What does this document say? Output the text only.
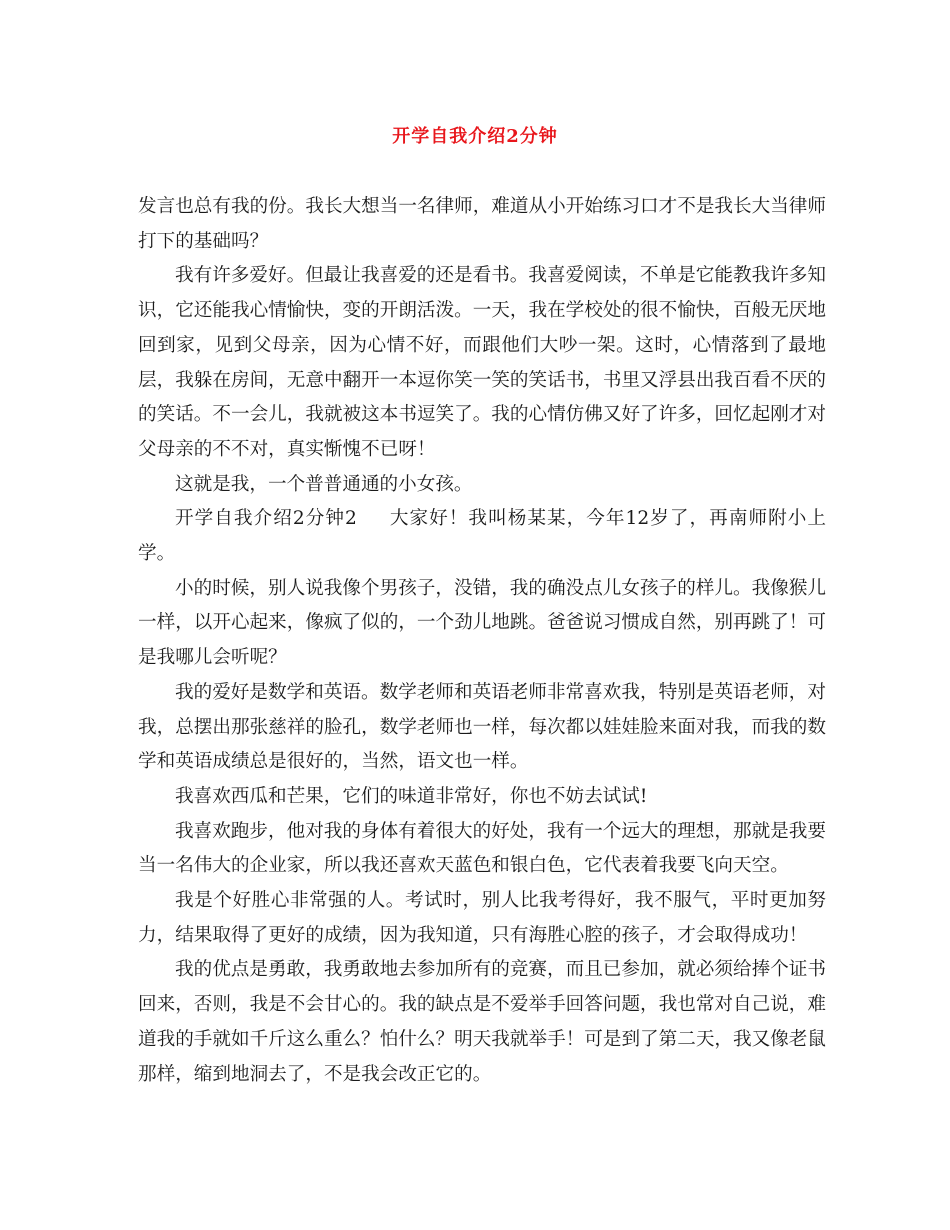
开学自我介绍2分钟

发言也总有我的份。我长大想当一名律师，难道从小开始练习口才不是我长大当律师打下的基础吗？

我有许多爱好。但最让我喜爱的还是看书。我喜爱阅读，不单是它能教我许多知识，它还能我心情愉快，变的开朗活泼。一天，我在学校处的很不愉快，百般无厌地回到家，见到父母亲，因为心情不好，而跟他们大吵一架。这时，心情落到了最地层，我躲在房间，无意中翻开一本逗你笑一笑的笑话书，书里又浮县出我百看不厌的的笑话。不一会儿，我就被这本书逗笑了。我的心情仿佛又好了许多，回忆起刚才对父母亲的不不对，真实惭愧不已呀！

这就是我，一个普普通通的小女孩。

开学自我介绍2分钟2 大家好！我叫杨某某，今年12岁了，再南师附小上学。

小的时候，别人说我像个男孩子，没错，我的确没点儿女孩子的样儿。我像猴儿一样，以开心起来，像疯了似的，一个劲儿地跳。爸爸说习惯成自然，别再跳了！可是我哪儿会听呢？

我的爱好是数学和英语。数学老师和英语老师非常喜欢我，特别是英语老师，对我，总摆出那张慈祥的脸孔，数学老师也一样，每次都以娃娃脸来面对我，而我的数学和英语成绩总是很好的，当然，语文也一样。

我喜欢西瓜和芒果，它们的味道非常好，你也不妨去试试!

我喜欢跑步，他对我的身体有着很大的好处，我有一个远大的理想，那就是我要当一名伟大的企业家，所以我还喜欢天蓝色和银白色，它代表着我要飞向天空。

我是个好胜心非常强的人。考试时，别人比我考得好，我不服气，平时更加努力，结果取得了更好的成绩，因为我知道，只有海胜心腔的孩子，才会取得成功！

我的优点是勇敢，我勇敢地去参加所有的竞赛，而且已参加，就必须给捧个证书回来，否则，我是不会甘心的。我的缺点是不爱举手回答问题，我也常对自己说，难道我的手就如千斤这么重么？怕什么？明天我就举手！可是到了第二天，我又像老鼠那样，缩到地洞去了，不是我会改正它的。
